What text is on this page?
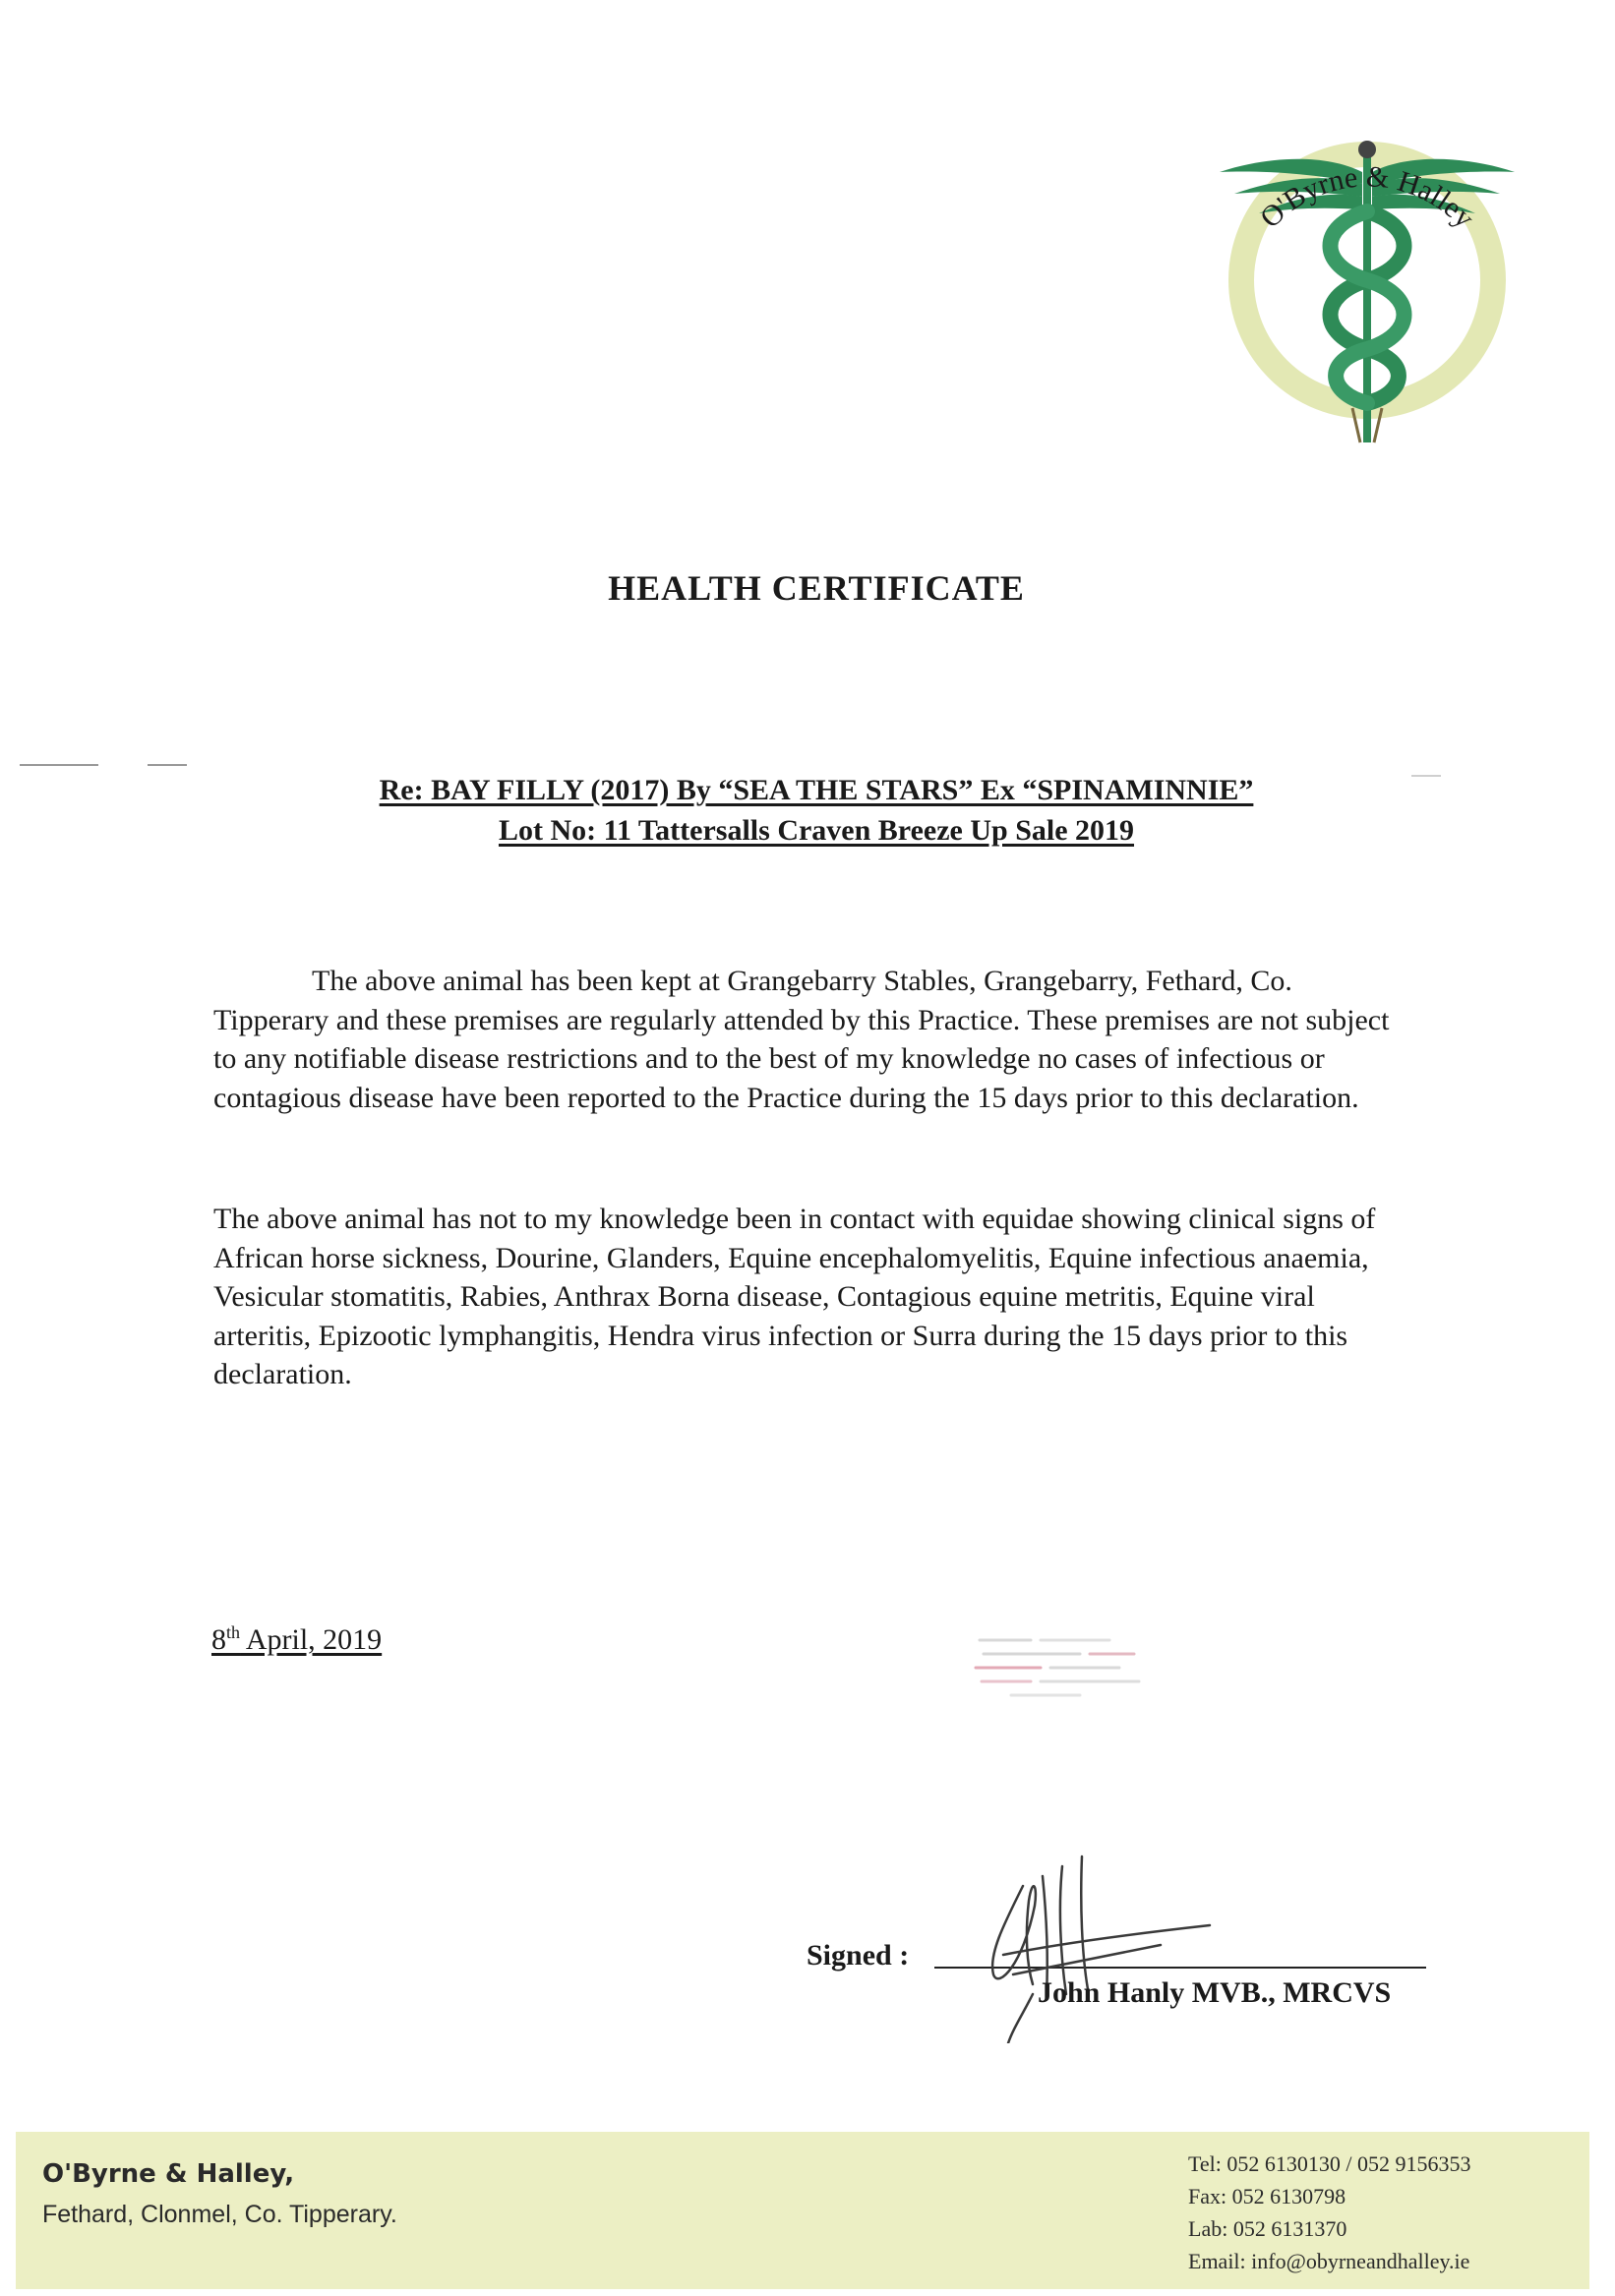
O'Byrne & Halley
HEALTH CERTIFICATE
Re: BAY FILLY (2017) By “SEA THE STARS” Ex “SPINAMINNIE”
Lot No: 11 Tattersalls Craven Breeze Up Sale 2019
The above animal has been kept at Grangebarry Stables, Grangebarry, Fethard, Co. Tipperary and these premises are regularly attended by this Practice. These premises are not subject to any notifiable disease restrictions and to the best of my knowledge no cases of infectious or contagious disease have been reported to the Practice during the 15 days prior to this declaration.
The above animal has not to my knowledge been in contact with equidae showing clinical signs of African horse sickness, Dourine, Glanders, Equine encephalomyelitis, Equine infectious anaemia, Vesicular stomatitis, Rabies, Anthrax Borna disease, Contagious equine metritis, Equine viral arteritis, Epizootic lymphangitis, Hendra virus infection or Surra during the 15 days prior to this declaration.
8th April, 2019
Signed :
John Hanly MVB., MRCVS
O'Byrne & Halley,
Fethard, Clonmel, Co. Tipperary.
Tel: 052 6130130 / 052 9156353
Fax: 052 6130798
Lab: 052 6131370
Email: info@obyrneandhalley.ie
